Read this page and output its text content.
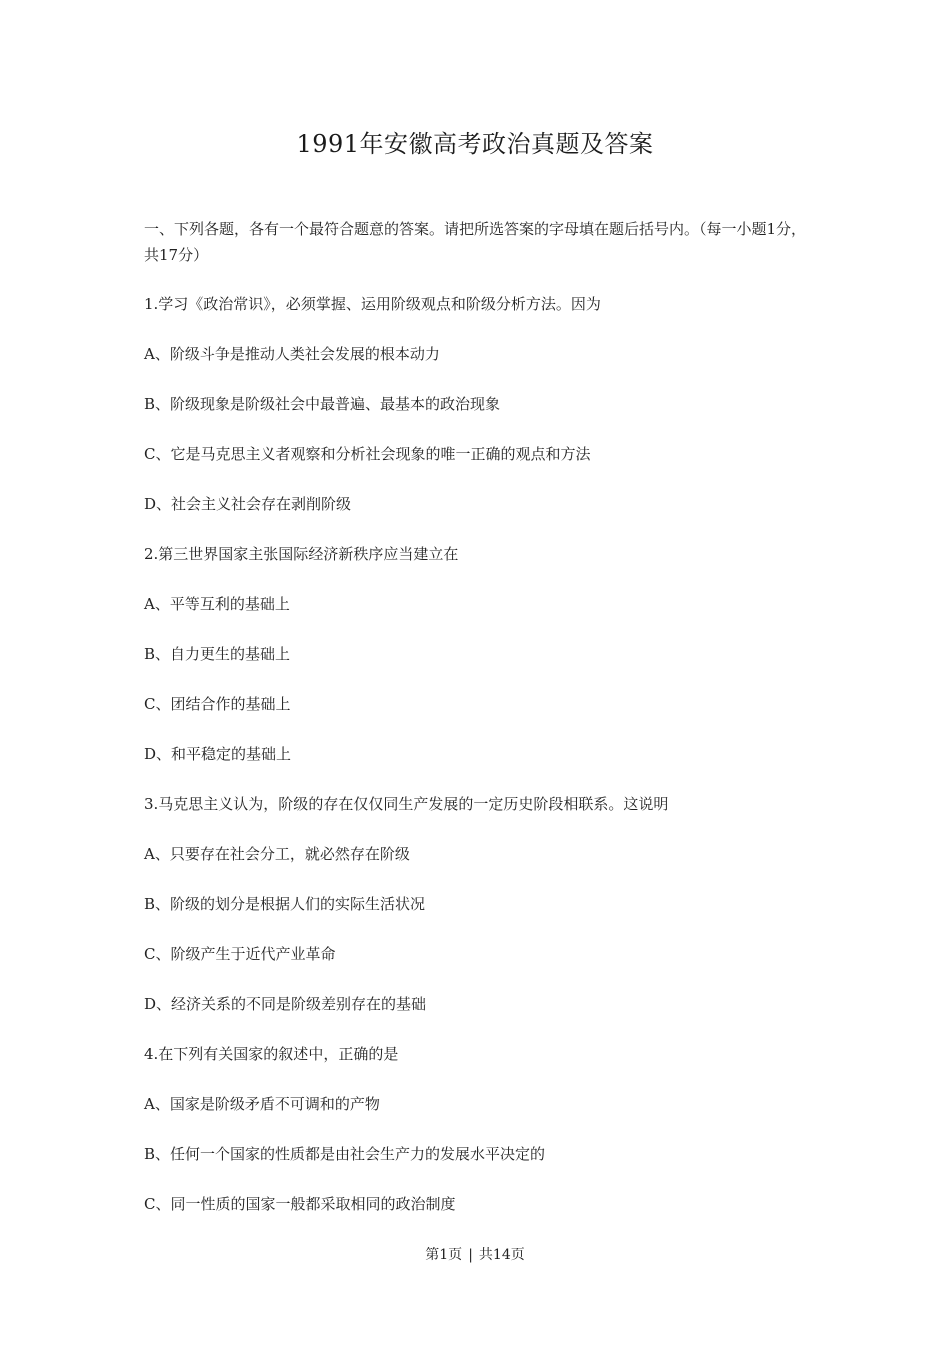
1991年安徽高考政治真题及答案

一、下列各题，各有一个最符合题意的答案。请把所选答案的字母填在题后括号内。（每一小题1分，共17分）

1.学习《政治常识》，必须掌握、运用阶级观点和阶级分析方法。因为

A、阶级斗争是推动人类社会发展的根本动力

B、阶级现象是阶级社会中最普遍、最基本的政治现象

C、它是马克思主义者观察和分析社会现象的唯一正确的观点和方法

D、社会主义社会存在剥削阶级

2.第三世界国家主张国际经济新秩序应当建立在

A、平等互利的基础上

B、自力更生的基础上

C、团结合作的基础上

D、和平稳定的基础上

3.马克思主义认为，阶级的存在仅仅同生产发展的一定历史阶段相联系。这说明

A、只要存在社会分工，就必然存在阶级

B、阶级的划分是根据人们的实际生活状况

C、阶级产生于近代产业革命

D、经济关系的不同是阶级差别存在的基础

4.在下列有关国家的叙述中，正确的是

A、国家是阶级矛盾不可调和的产物

B、任何一个国家的性质都是由社会生产力的发展水平决定的

C、同一性质的国家一般都采取相同的政治制度

第1页 | 共14页
